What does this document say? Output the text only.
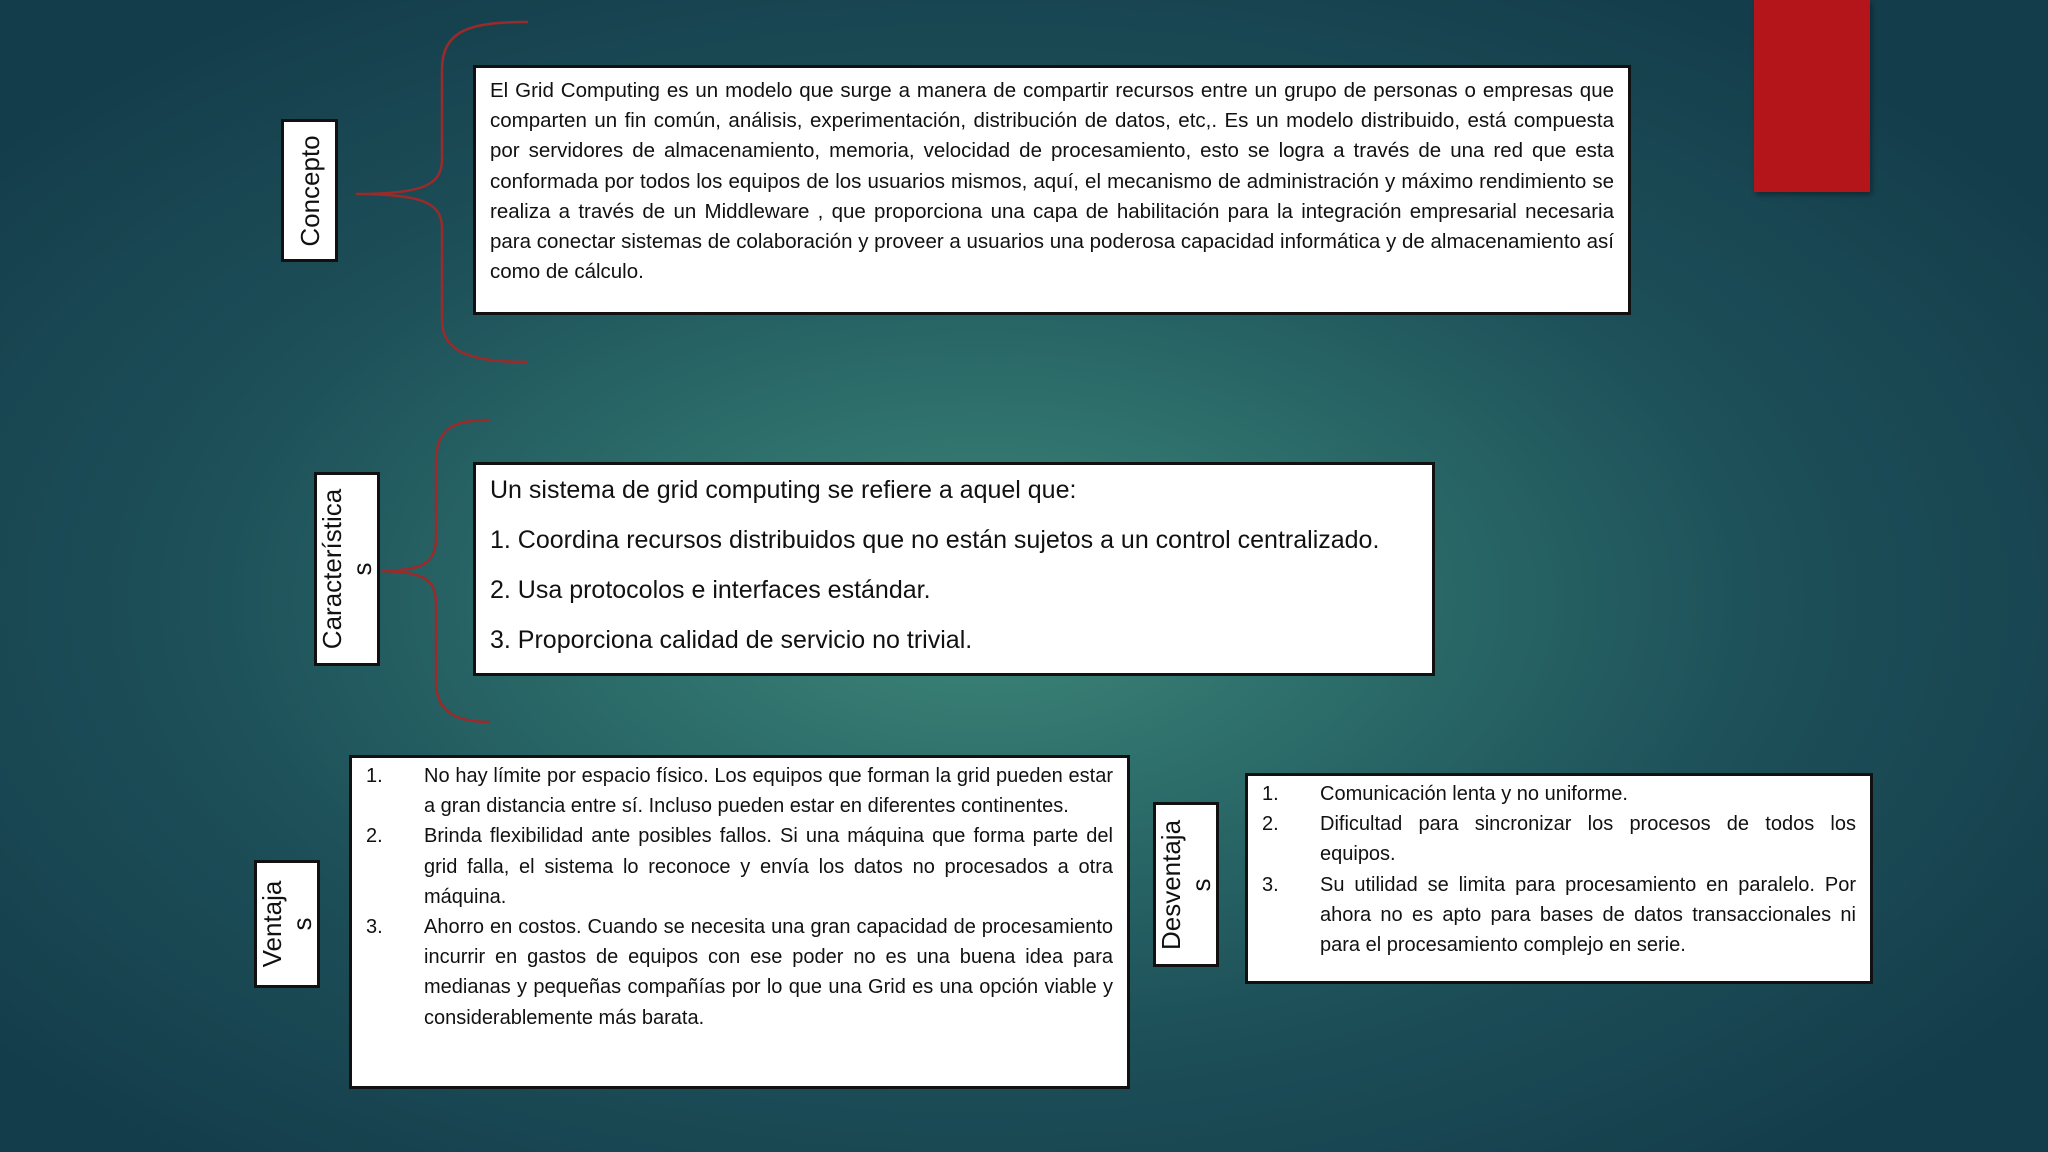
Concepto

El Grid Computing es un modelo que surge a manera de compartir recursos entre un grupo de personas o empresas que comparten un fin común, análisis, experimentación, distribución de datos, etc,. Es un modelo distribuido, está compuesta por servidores de almacenamiento, memoria, velocidad de procesamiento, esto se logra a través de una red que esta conformada por todos los equipos de los usuarios mismos, aquí, el mecanismo de administración y máximo rendimiento se realiza a través de un Middleware , que proporciona una capa de habilitación para la integración empresarial necesaria para conectar sistemas de colaboración y proveer a usuarios una poderosa capacidad informática y de almacenamiento así como de cálculo.

Característica s

Un sistema de grid computing se refiere a aquel que:

1. Coordina recursos distribuidos que no están sujetos a un control centralizado.

2. Usa protocolos e interfaces estándar.

3. Proporciona calidad de servicio no trivial.

Ventaja s
1.	No hay límite por espacio físico. Los equipos que forman la grid pueden estar a gran distancia entre sí. Incluso pueden estar en diferentes continentes.
2.	Brinda flexibilidad ante posibles fallos. Si una máquina que forma parte del grid falla, el sistema lo reconoce y envía los datos no procesados a otra máquina.
3.	Ahorro en costos. Cuando se necesita una gran capacidad de procesamiento incurrir en gastos de equipos con ese poder no es una buena idea para medianas y pequeñas compañías por lo que una Grid es una opción viable y considerablemente más barata.
Desventaja s
1.	Comunicación lenta y no uniforme.
2.	Dificultad para sincronizar los procesos de todos los equipos.
3.	Su utilidad se limita para procesamiento en paralelo. Por ahora no es apto para bases de datos transaccionales ni para el procesamiento complejo en serie.
